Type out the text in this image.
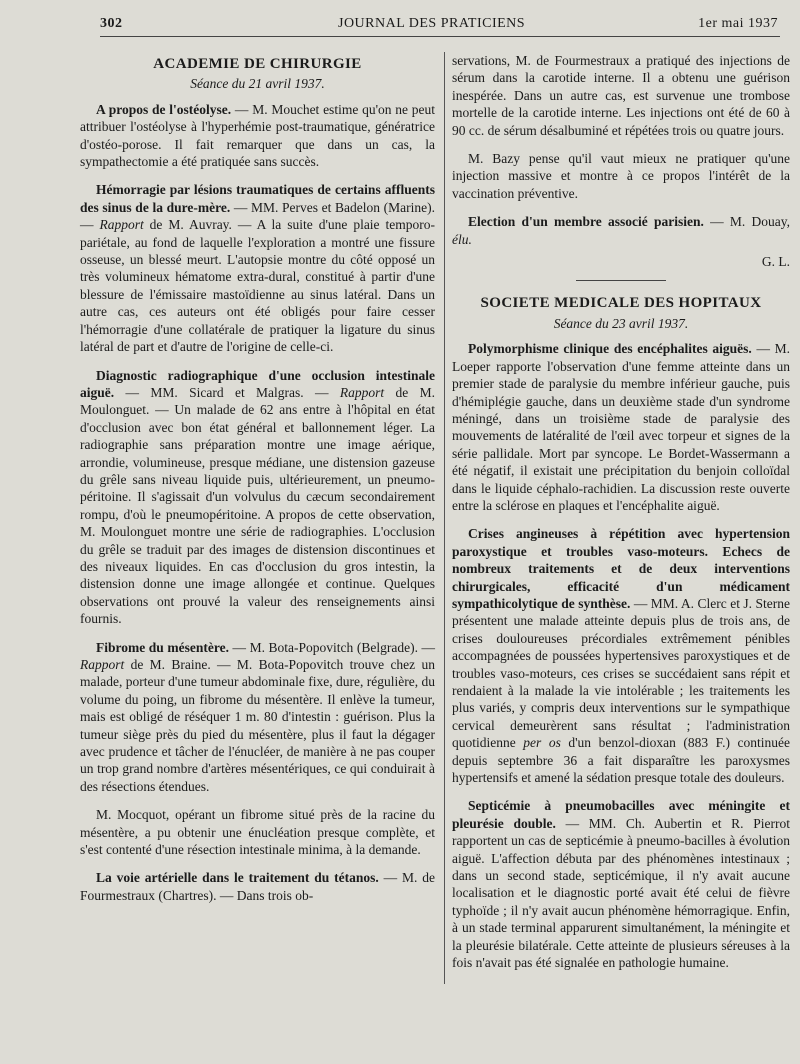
302	JOURNAL DES PRATICIENS	1er mai 1937
ACADEMIE DE CHIRURGIE
Séance du 21 avril 1937.

A propos de l'ostéolyse. — M. Mouchet estime qu'on ne peut attribuer l'ostéolyse à l'hyperhémie post-traumatique, génératrice d'ostéo-porose. Il fait remarquer que dans un cas, la sympathectomie a été pratiquée sans succès.

Hémorragie par lésions traumatiques de certains affluents des sinus de la dure-mère. — MM. Perves et Badelon (Marine). — Rapport de M. Auvray. — A la suite d'une plaie temporo-pariétale, au fond de laquelle l'exploration a montré une fissure osseuse, un blessé meurt. L'autopsie montre du côté opposé un très volumineux hématome extra-dural, constitué à partir d'une blessure de l'émissaire mastoïdienne au sinus latéral. Dans un autre cas, ces auteurs ont été obligés pour faire cesser l'hémorragie d'une collatérale de pratiquer la ligature du sinus latéral de part et d'autre de l'origine de celle-ci.

Diagnostic radiographique d'une occlusion intestinale aiguë. — MM. Sicard et Malgras. — Rapport de M. Moulonguet. — Un malade de 62 ans entre à l'hôpital en état d'occlusion avec bon état général et ballonnement léger. La radiographie sans préparation montre une image aérique, arrondie, volumineuse, presque médiane, une distension gazeuse du grêle sans niveau liquide puis, ultérieurement, un pneumo-péritoine. Il s'agissait d'un volvulus du cæcum secondairement rompu, d'où le pneumopéritoine. A propos de cette observation, M. Moulonguet montre une série de radiographies. L'occlusion du grêle se traduit par des images de distension discontinues et des niveaux liquides. En cas d'occlusion du gros intestin, la distension donne une image allongée et continue. Quelques observations ont prouvé la valeur des renseignements ainsi fournis.

Fibrome du mésentère. — M. Bota-Popovitch (Belgrade). — Rapport de M. Braine. — M. Bota-Popovitch trouve chez un malade, porteur d'une tumeur abdominale fixe, dure, régulière, du volume du poing, un fibrome du mésentère. Il enlève la tumeur, mais est obligé de réséquer 1 m. 80 d'intestin : guérison. Plus la tumeur siège près du pied du mésentère, plus il faut la dégager avec prudence et tâcher de l'énucléer, de manière à ne pas couper un trop grand nombre d'artères mésentériques, ce qui conduirait à des résections étendues.

M. Mocquot, opérant un fibrome situé près de la racine du mésentère, a pu obtenir une énucléation presque complète, et s'est contenté d'une résection intestinale minima, à la demande.

La voie artérielle dans le traitement du tétanos. — M. de Fourmestraux (Chartres). — Dans trois ob-

servations, M. de Fourmestraux a pratiqué des injections de sérum dans la carotide interne. Il a obtenu une guérison inespérée. Dans un autre cas, est survenue une trombose mortelle de la carotide interne. Les injections ont été de 60 à 90 cc. de sérum désalbuminé et répétées trois ou quatre jours.

M. Bazy pense qu'il vaut mieux ne pratiquer qu'une injection massive et montre à ce propos l'intérêt de la vaccination préventive.

Election d'un membre associé parisien. — M. Douay, élu.

G. L.
SOCIETE MEDICALE DES HOPITAUX
Séance du 23 avril 1937.

Polymorphisme clinique des encéphalites aiguës. — M. Loeper rapporte l'observation d'une femme atteinte dans un premier stade de paralysie du membre inférieur gauche, puis d'hémiplégie gauche, dans un deuxième stade d'un syndrome méningé, dans un troisième stade de paralysie des mouvements de latéralité de l'œil avec torpeur et signes de la série pallidale. Mort par syncope. Le Bordet-Wassermann a été négatif, il existait une précipitation du benjoin colloïdal dans le liquide céphalo-rachidien. La discussion reste ouverte entre la sclérose en plaques et l'encéphalite aiguë.

Crises angineuses à répétition avec hypertension paroxystique et troubles vaso-moteurs. Echecs de nombreux traitements et de deux interventions chirurgicales, efficacité d'un médicament sympathicolytique de synthèse. — MM. A. Clerc et J. Sterne présentent une malade atteinte depuis plus de trois ans, de crises douloureuses précordiales extrêmement pénibles accompagnées de poussées hypertensives paroxystiques et de troubles vaso-moteurs, ces crises se succédaient sans répit et rendaient à la malade la vie intolérable ; les traitements les plus variés, y compris deux interventions sur le sympathique cervical demeurèrent sans résultat ; l'administration quotidienne per os d'un benzol-dioxan (883 F.) continuée depuis septembre 36 a fait disparaître les paroxysmes hypertensifs et amené la sédation presque totale des douleurs.

Septicémie à pneumobacilles avec méningite et pleurésie double. — MM. Ch. Aubertin et R. Pierrot rapportent un cas de septicémie à pneumo-bacilles à évolution aiguë. L'affection débuta par des phénomènes intestinaux ; dans un second stade, septicémique, il n'y avait aucune localisation et le diagnostic porté avait été celui de fièvre typhoïde ; il n'y avait aucun phénomène hémorragique. Enfin, à un stade terminal apparurent simultanément, la méningite et la pleurésie bilatérale. Cette atteinte de plusieurs séreuses à la fois n'avait pas été signalée en pathologie humaine.
